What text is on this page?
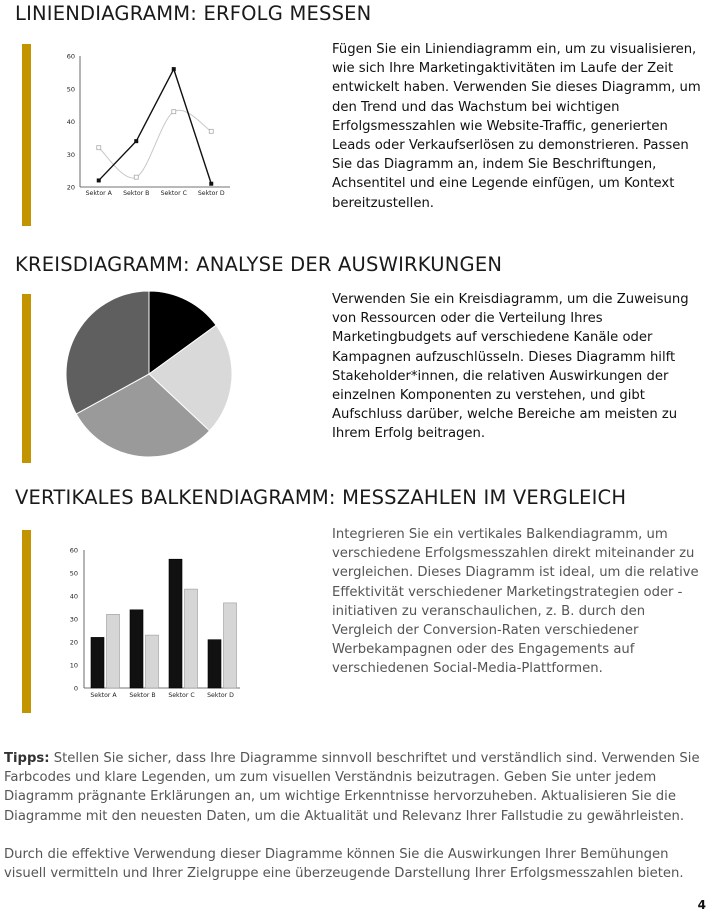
LINIENDIAGRAMM: ERFOLG MESSEN
20
30
40
50
60
Sektor A Sektor B Sektor C Sektor D

Fügen Sie ein Liniendiagramm ein, um zu visualisieren, wie sich Ihre Marketingaktivitäten im Laufe der Zeit entwickelt haben. Verwenden Sie dieses Diagramm, um den Trend und das Wachstum bei wichtigen Erfolgsmesszahlen wie Website-Traffic, generierten Leads oder Verkaufserlösen zu demonstrieren. Passen Sie das Diagramm an, indem Sie Beschriftungen, Achsentitel und eine Legende einfügen, um Kontext bereitzustellen.

KREISDIAGRAMM: ANALYSE DER AUSWIRKUNGEN

Verwenden Sie ein Kreisdiagramm, um die Zuweisung von Ressourcen oder die Verteilung Ihres Marketingbudgets auf verschiedene Kanäle oder Kampagnen aufzuschlüsseln. Dieses Diagramm hilft Stakeholder*innen, die relativen Auswirkungen der einzelnen Komponenten zu verstehen, und gibt Aufschluss darüber, welche Bereiche am meisten zu Ihrem Erfolg beitragen.

VERTIKALES BALKENDIAGRAMM: MESSZAHLEN IM VERGLEICH
0
10
20
30
40
50
60
Sektor A Sektor B Sektor C Sektor D

Integrieren Sie ein vertikales Balkendiagramm, um verschiedene Erfolgsmesszahlen direkt miteinander zu vergleichen. Dieses Diagramm ist ideal, um die relative Effektivität verschiedener Marketingstrategien oder -initiativen zu veranschaulichen, z. B. durch den Vergleich der Conversion-Raten verschiedener Werbekampagnen oder des Engagements auf verschiedenen Social-Media-Plattformen.

Tipps: Stellen Sie sicher, dass Ihre Diagramme sinnvoll beschriftet und verständlich sind. Verwenden Sie Farbcodes und klare Legenden, um zum visuellen Verständnis beizutragen. Geben Sie unter jedem Diagramm prägnante Erklärungen an, um wichtige Erkenntnisse hervorzuheben. Aktualisieren Sie die Diagramme mit den neuesten Daten, um die Aktualität und Relevanz Ihrer Fallstudie zu gewährleisten.

Durch die effektive Verwendung dieser Diagramme können Sie die Auswirkungen Ihrer Bemühungen visuell vermitteln und Ihrer Zielgruppe eine überzeugende Darstellung Ihrer Erfolgsmesszahlen bieten.

4
